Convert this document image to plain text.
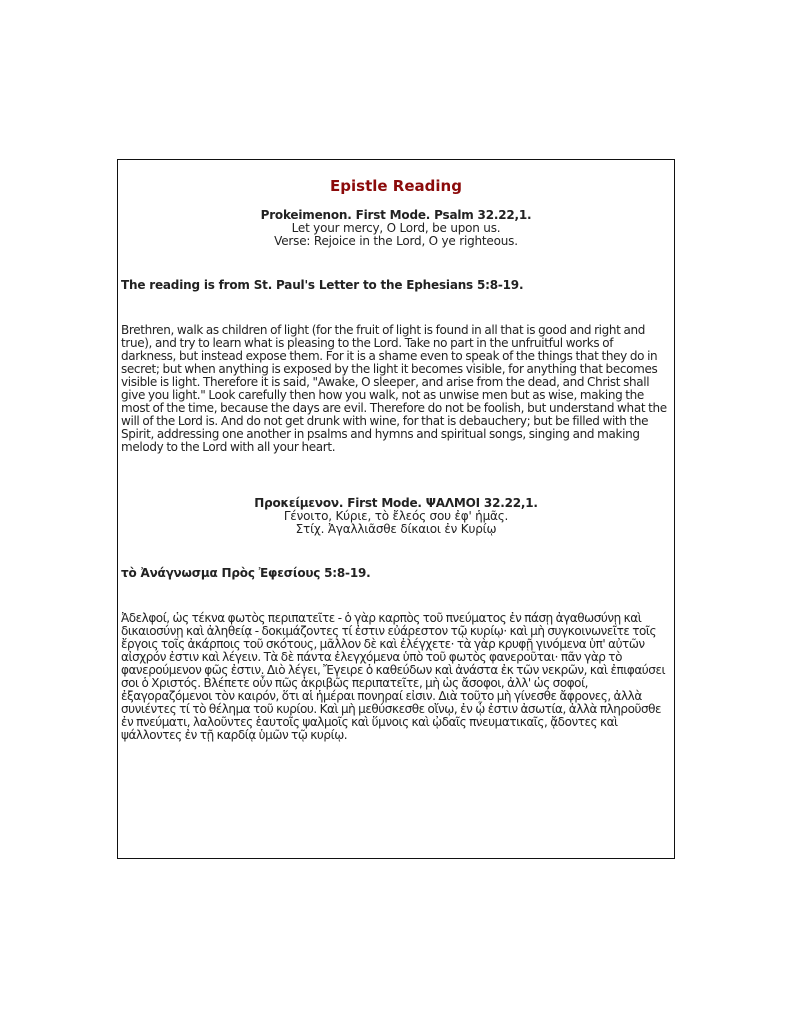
Epistle Reading
Prokeimenon. First Mode. Psalm 32.22,1.
Let your mercy, O Lord, be upon us.
Verse: Rejoice in the Lord, O ye righteous.
The reading is from St. Paul's Letter to the Ephesians 5:8-19.
Brethren, walk as children of light (for the fruit of light is found in all that is good and right and true), and try to learn what is pleasing to the Lord. Take no part in the unfruitful works of darkness, but instead expose them. For it is a shame even to speak of the things that they do in secret; but when anything is exposed by the light it becomes visible, for anything that becomes visible is light. Therefore it is said, "Awake, O sleeper, and arise from the dead, and Christ shall give you light." Look carefully then how you walk, not as unwise men but as wise, making the most of the time, because the days are evil. Therefore do not be foolish, but understand what the will of the Lord is. And do not get drunk with wine, for that is debauchery; but be filled with the Spirit, addressing one another in psalms and hymns and spiritual songs, singing and making melody to the Lord with all your heart.
Προκείμενον. First Mode. ΨΑΛΜΟΙ 32.22,1.
Γένοιτο, Κύριε, τὸ ἔλεός σου ἐφ' ἡμᾶς.
Στίχ. Ἀγαλλιᾶσθε δίκαιοι ἐν Κυρίῳ
τὸ Ἀνάγνωσμα Πρὸς Ἐφεσίους 5:8-19.
Ἀδελφοί, ὡς τέκνα φωτὸς περιπατεῖτε - ὁ γὰρ καρπὸς τοῦ πνεύματος ἐν πάσῃ ἀγαθωσύνῃ καὶ δικαιοσύνῃ καὶ ἀληθείᾳ - δοκιμάζοντες τί ἐστιν εὐάρεστον τῷ κυρίῳ· καὶ μὴ συγκοινωνεῖτε τοῖς ἔργοις τοῖς ἀκάρποις τοῦ σκότους, μᾶλλον δὲ καὶ ἐλέγχετε· τὰ γὰρ κρυφῇ γινόμενα ὑπ' αὐτῶν αἰσχρόν ἐστιν καὶ λέγειν. Τὰ δὲ πάντα ἐλεγχόμενα ὑπὸ τοῦ φωτὸς φανεροῦται· πᾶν γὰρ τὸ φανερούμενον φῶς ἐστιν. Διὸ λέγει, Ἔγειρε ὁ καθεύδων καὶ ἀνάστα ἐκ τῶν νεκρῶν, καὶ ἐπιφαύσει σοι ὁ Χριστός. Βλέπετε οὖν πῶς ἀκριβῶς περιπατεῖτε, μὴ ὡς ἄσοφοι, ἀλλ' ὡς σοφοί, ἐξαγοραζόμενοι τὸν καιρόν, ὅτι αἱ ἡμέραι πονηραί εἰσιν. Διὰ τοῦτο μὴ γίνεσθε ἄφρονες, ἀλλὰ συνιέντες τί τὸ θέλημα τοῦ κυρίου. Καὶ μὴ μεθύσκεσθε οἴνῳ, ἐν ᾧ ἐστιν ἀσωτία, ἀλλὰ πληροῦσθε ἐν πνεύματι, λαλοῦντες ἑαυτοῖς ψαλμοῖς καὶ ὕμνοις καὶ ᾠδαῖς πνευματικαῖς, ᾄδοντες καὶ ψάλλοντες ἐν τῇ καρδίᾳ ὑμῶν τῷ κυρίῳ.
